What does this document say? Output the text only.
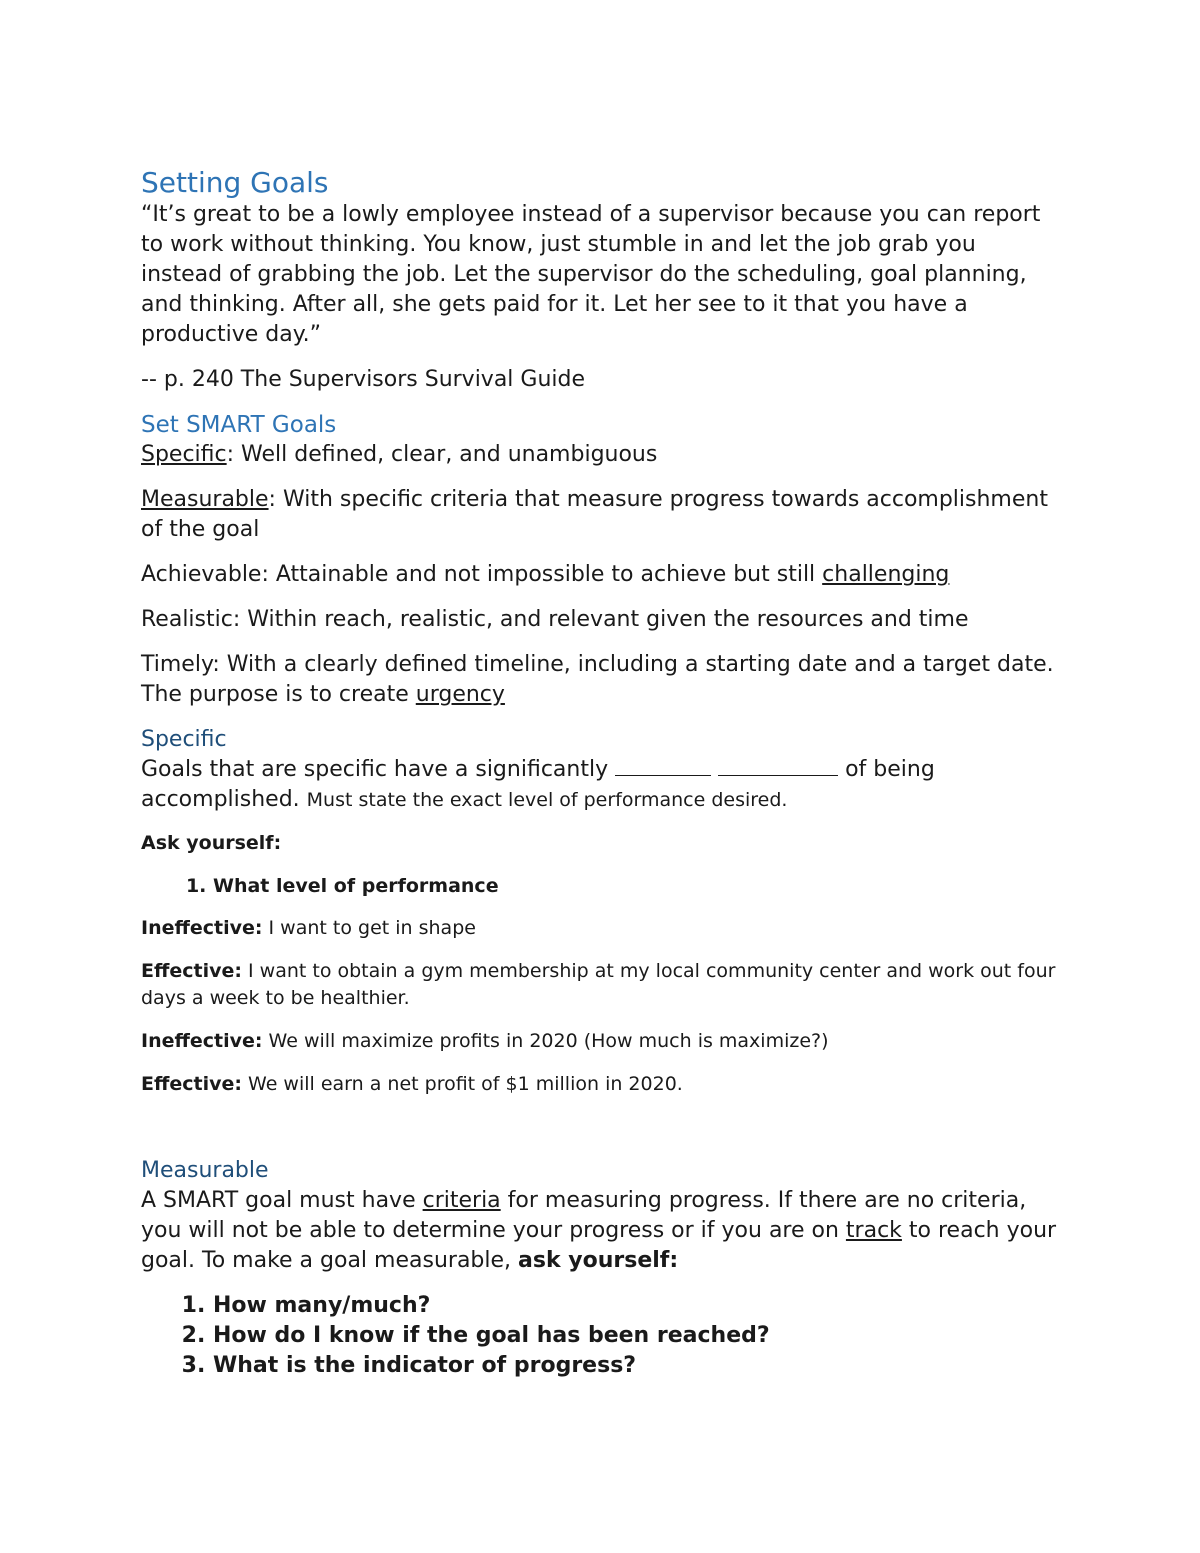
Setting Goals

“It’s great to be a lowly employee instead of a supervisor because you can report to work without thinking. You know, just stumble in and let the job grab you instead of grabbing the job. Let the supervisor do the scheduling, goal planning, and thinking. After all, she gets paid for it. Let her see to it that you have a productive day.”

-- p. 240 The Supervisors Survival Guide

Set SMART Goals

Specific: Well defined, clear, and unambiguous

Measurable: With specific criteria that measure progress towards accomplishment of the goal

Achievable: Attainable and not impossible to achieve but still challenging

Realistic: Within reach, realistic, and relevant given the resources and time

Timely: With a clearly defined timeline, including a starting date and a target date. The purpose is to create urgency

Specific

Goals that are specific have a significantly	of being accomplished. Must state the exact level of performance desired.

Ask yourself:

1. What level of performance

Ineffective: I want to get in shape

Effective: I want to obtain a gym membership at my local community center and work out four days a week to be healthier.

Ineffective: We will maximize profits in 2020 (How much is maximize?)

Effective: We will earn a net profit of $1 million in 2020.

Measurable

A SMART goal must have criteria for measuring progress. If there are no criteria, you will not be able to determine your progress or if you are on track to reach your goal. To make a goal measurable, ask yourself:

1. How many/much?
2. How do I know if the goal has been reached?
3. What is the indicator of progress?
